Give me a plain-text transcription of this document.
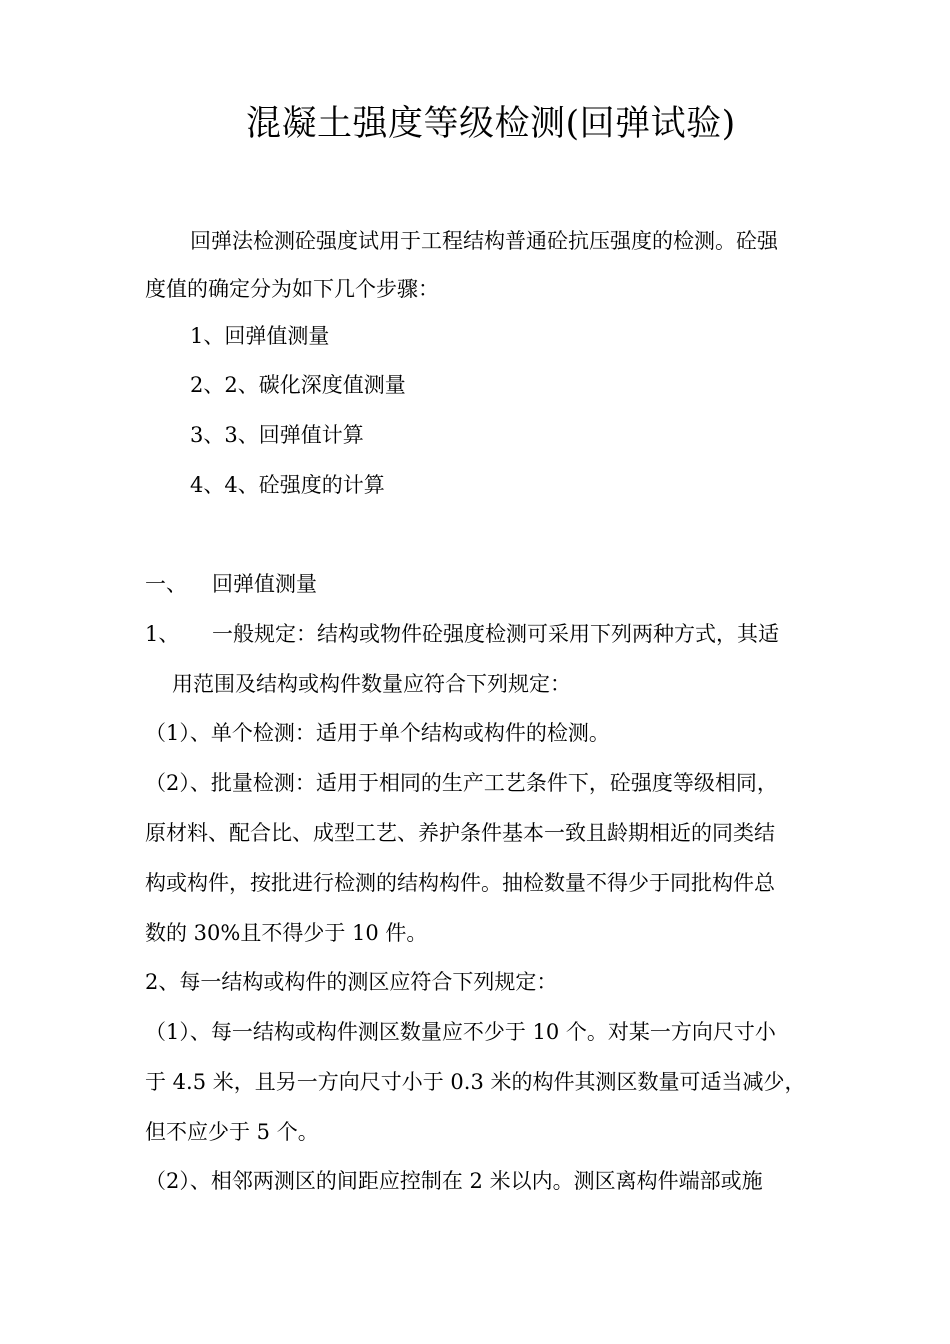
混凝土强度等级检测(回弹试验)
回弹法检测砼强度试用于工程结构普通砼抗压强度的检测。砼强
度值的确定分为如下几个步骤：
1、回弹值测量
2、2、碳化深度值测量
3、3、回弹值计算
4、4、砼强度的计算
一、 回弹值测量
1、 一般规定：结构或物件砼强度检测可采用下列两种方式，其适
用范围及结构或构件数量应符合下列规定：
（1）、单个检测：适用于单个结构或构件的检测。
（2）、批量检测：适用于相同的生产工艺条件下，砼强度等级相同，
原材料、配合比、成型工艺、养护条件基本一致且龄期相近的同类结
构或构件，按批进行检测的结构构件。抽检数量不得少于同批构件总
数的 30%且不得少于 10 件。
2、每一结构或构件的测区应符合下列规定：
（1）、每一结构或构件测区数量应不少于 10 个。对某一方向尺寸小
于 4.5 米，且另一方向尺寸小于 0.3 米的构件其测区数量可适当减少，
但不应少于 5 个。
（2）、相邻两测区的间距应控制在 2 米以内。测区离构件端部或施
